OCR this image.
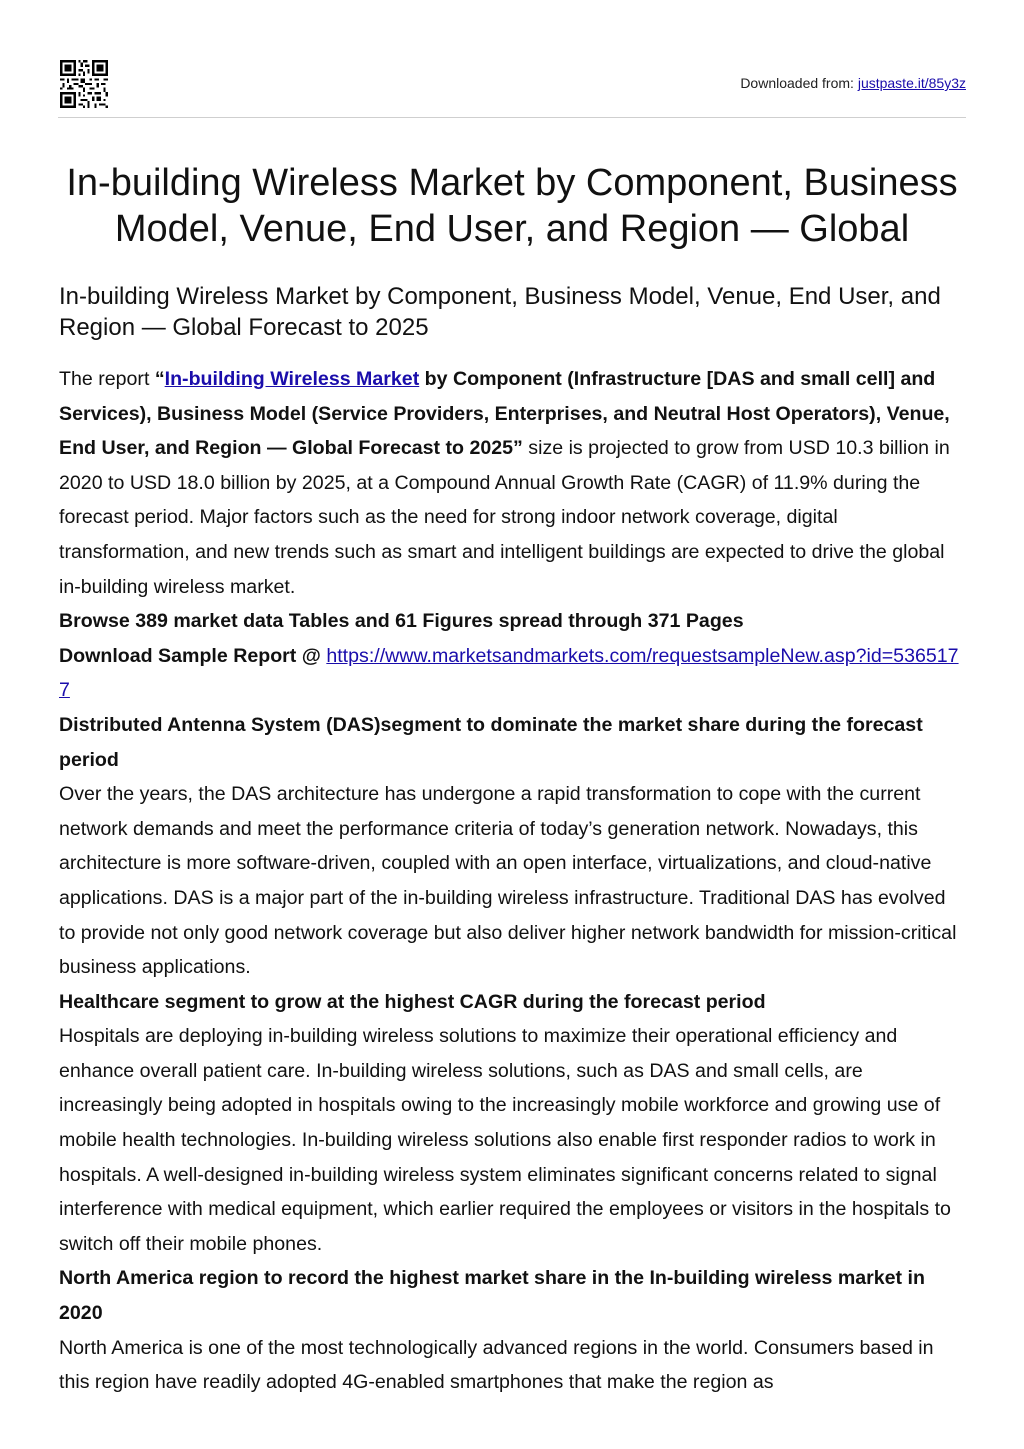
Downloaded from: justpaste.it/85y3z
In-building Wireless Market by Component, Business Model, Venue, End User, and Region — Global
In-building Wireless Market by Component, Business Model, Venue, End User, and Region — Global Forecast to 2025

The report “In-building Wireless Market by Component (Infrastructure [DAS and small cell] and Services), Business Model (Service Providers, Enterprises, and Neutral Host Operators), Venue, End User, and Region — Global Forecast to 2025” size is projected to grow from USD 10.3 billion in 2020 to USD 18.0 billion by 2025, at a Compound Annual Growth Rate (CAGR) of 11.9% during the forecast period. Major factors such as the need for strong indoor network coverage, digital transformation, and new trends such as smart and intelligent buildings are expected to drive the global in-building wireless market.

Browse 389 market data Tables and 61 Figures spread through 371 Pages

Download Sample Report @ https://www.marketsandmarkets.com/requestsampleNew.asp?id=5365177

Distributed Antenna System (DAS)segment to dominate the market share during the forecast period

Over the years, the DAS architecture has undergone a rapid transformation to cope with the current network demands and meet the performance criteria of today’s generation network. Nowadays, this architecture is more software-driven, coupled with an open interface, virtualizations, and cloud-native applications. DAS is a major part of the in-building wireless infrastructure. Traditional DAS has evolved to provide not only good network coverage but also deliver higher network bandwidth for mission-critical business applications.

Healthcare segment to grow at the highest CAGR during the forecast period

Hospitals are deploying in-building wireless solutions to maximize their operational efficiency and enhance overall patient care. In-building wireless solutions, such as DAS and small cells, are increasingly being adopted in hospitals owing to the increasingly mobile workforce and growing use of mobile health technologies. In-building wireless solutions also enable first responder radios to work in hospitals. A well-designed in-building wireless system eliminates significant concerns related to signal interference with medical equipment, which earlier required the employees or visitors in the hospitals to switch off their mobile phones.

North America region to record the highest market share in the In-building wireless market in 2020

North America is one of the most technologically advanced regions in the world. Consumers based in this region have readily adopted 4G-enabled smartphones that make the region as
